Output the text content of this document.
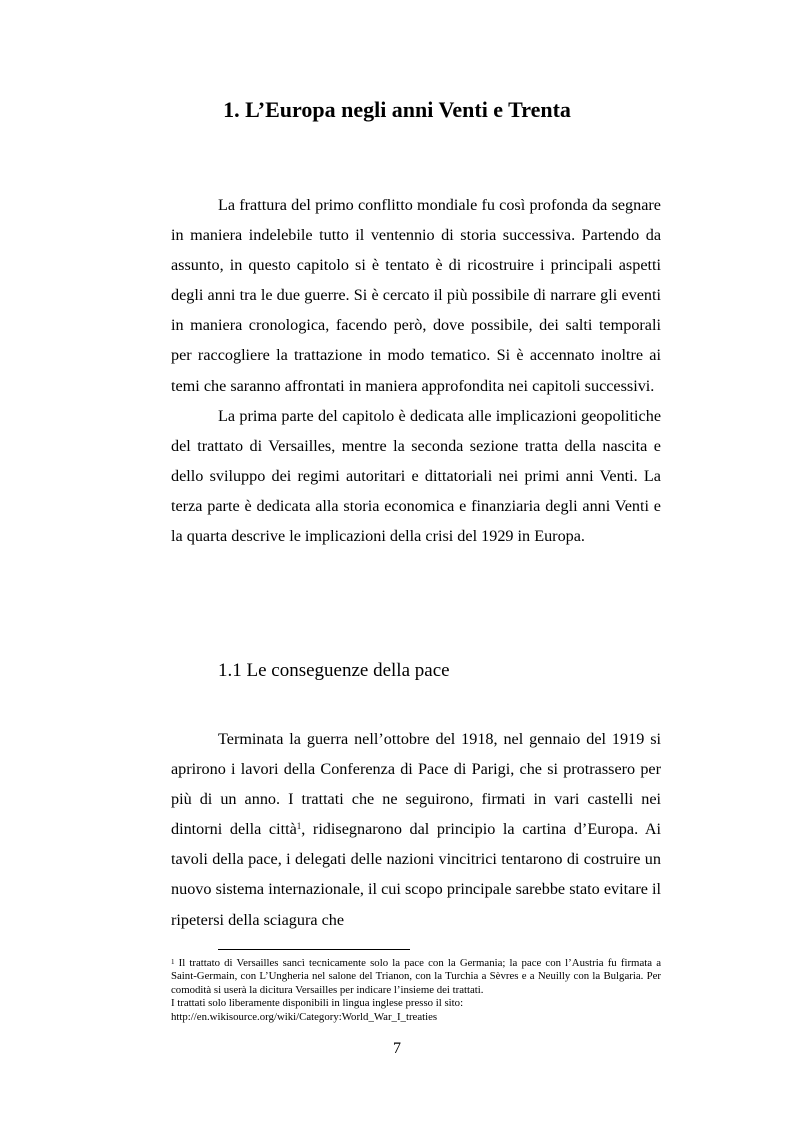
1. L’Europa negli anni Venti e Trenta

La frattura del primo conflitto mondiale fu così profonda da segnare in maniera indelebile tutto il ventennio di storia successiva. Partendo da assunto, in questo capitolo si è tentato è di ricostruire i principali aspetti degli anni tra le due guerre. Si è cercato il più possibile di narrare gli eventi in maniera cronologica, facendo però, dove possibile, dei salti temporali per raccogliere la trattazione in modo tematico. Si è accennato inoltre ai temi che saranno affrontati in maniera approfondita nei capitoli successivi.

La prima parte del capitolo è dedicata alle implicazioni geopolitiche del trattato di Versailles, mentre la seconda sezione tratta della nascita e dello sviluppo dei regimi autoritari e dittatoriali nei primi anni Venti. La terza parte è dedicata alla storia economica e finanziaria degli anni Venti e la quarta descrive le implicazioni della crisi del 1929 in Europa.

1.1 Le conseguenze della pace

Terminata la guerra nell’ottobre del 1918, nel gennaio del 1919 si aprirono i lavori della Conferenza di Pace di Parigi, che si protrassero per più di un anno. I trattati che ne seguirono, firmati in vari castelli nei dintorni della città$^1$, ridisegnarono dal principio la cartina d’Europa. Ai tavoli della pace, i delegati delle nazioni vincitrici tentarono di costruire un nuovo sistema internazionale, il cui scopo principale sarebbe stato evitare il ripetersi della sciagura che

$^1$ Il trattato di Versailles sancì tecnicamente solo la pace con la Germania; la pace con l’Austria fu firmata a Saint-Germain, con L’Ungheria nel salone del Trianon, con la Turchia a Sèvres e a Neuilly con la Bulgaria. Per comodità si userà la dicitura Versailles per indicare l’insieme dei trattati.

I trattati solo liberamente disponibili in lingua inglese presso il sito:

http://en.wikisource.org/wiki/Category:World_War_I_treaties

7
